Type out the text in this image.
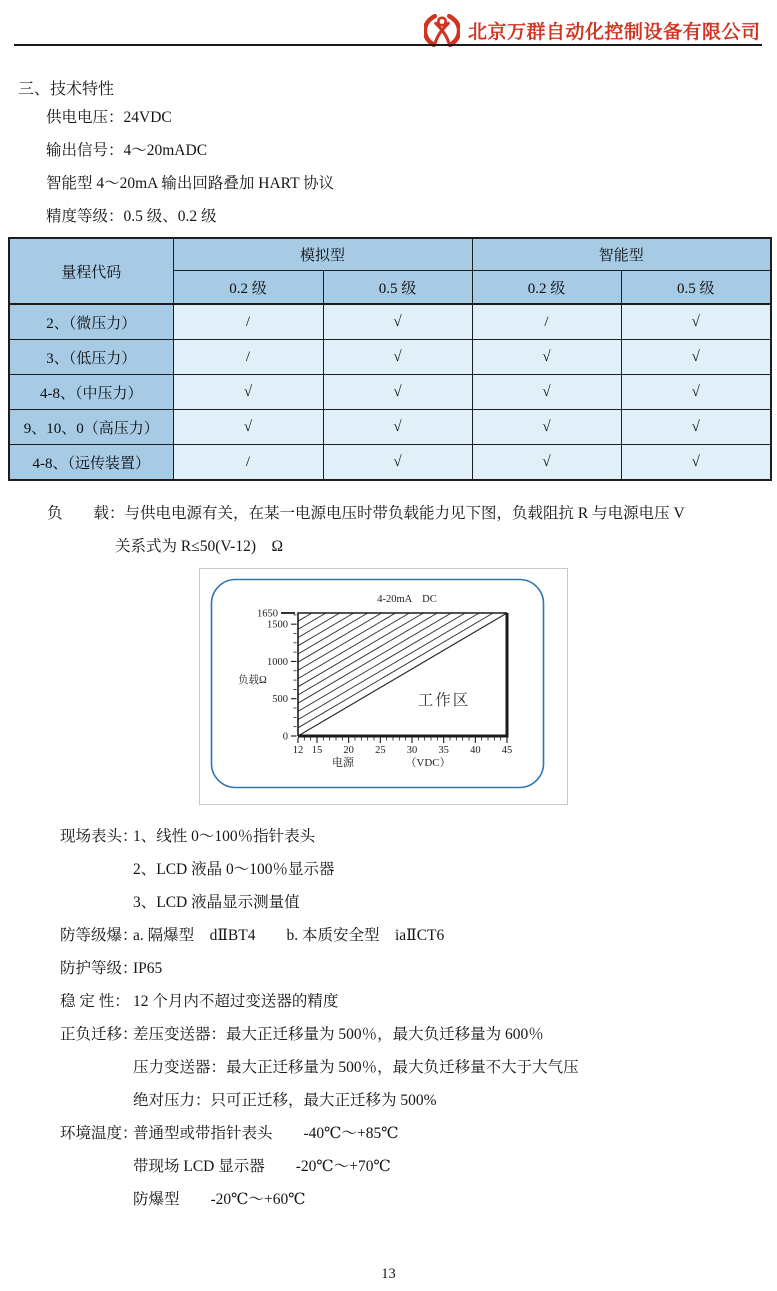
北京万群自动化控制设备有限公司
三、技术特性
供电电压：24VDC
输出信号：4～20mADC
智能型 4～20mA 输出回路叠加 HART 协议
精度等级：0.5 级、0.2 级
量程代码	模拟型		智能型	
	0.2 级	0.5 级	0.2 级	0.5 级
2、（微压力）	/	√	/	√
3、（低压力）	/	√	√	√
4-8、（中压力）	√	√	√	√
9、10、0（高压力）	√	√	√	√
4-8、（远传装置）	/	√	√	√
负　　载：与供电电源有关，在某一电源电压时带负载能力见下图，负载阻抗 R 与电源电压 V
关系式为 R≤50(V-12)　Ω
12 15 20 25 30 35 40 45
0
500
1000
1500
1650
4-20mA　DC
负载Ω
电源	（VDC）
工作区
现场表头：
1、线性 0～100％指针表头
2、LCD 液晶 0～100％显示器
3、LCD 液晶显示测量值
防等级爆：
a. 隔爆型　dⅡBT4　　b. 本质安全型　iaⅡCT6
防护等级：
IP65
稳 定 性： 12 个月内不超过变送器的精度
正负迁移：
差压变送器：最大正迁移量为 500％，最大负迁移量为 600％
压力变送器：最大正迁移量为 500％，最大负迁移量不大于大气压
绝对压力：只可正迁移，最大正迁移为 500%
环境温度：
普通型或带指针表头　　-40℃～+85℃
带现场 LCD 显示器　　-20℃～+70℃
防爆型　　-20℃～+60℃
13
